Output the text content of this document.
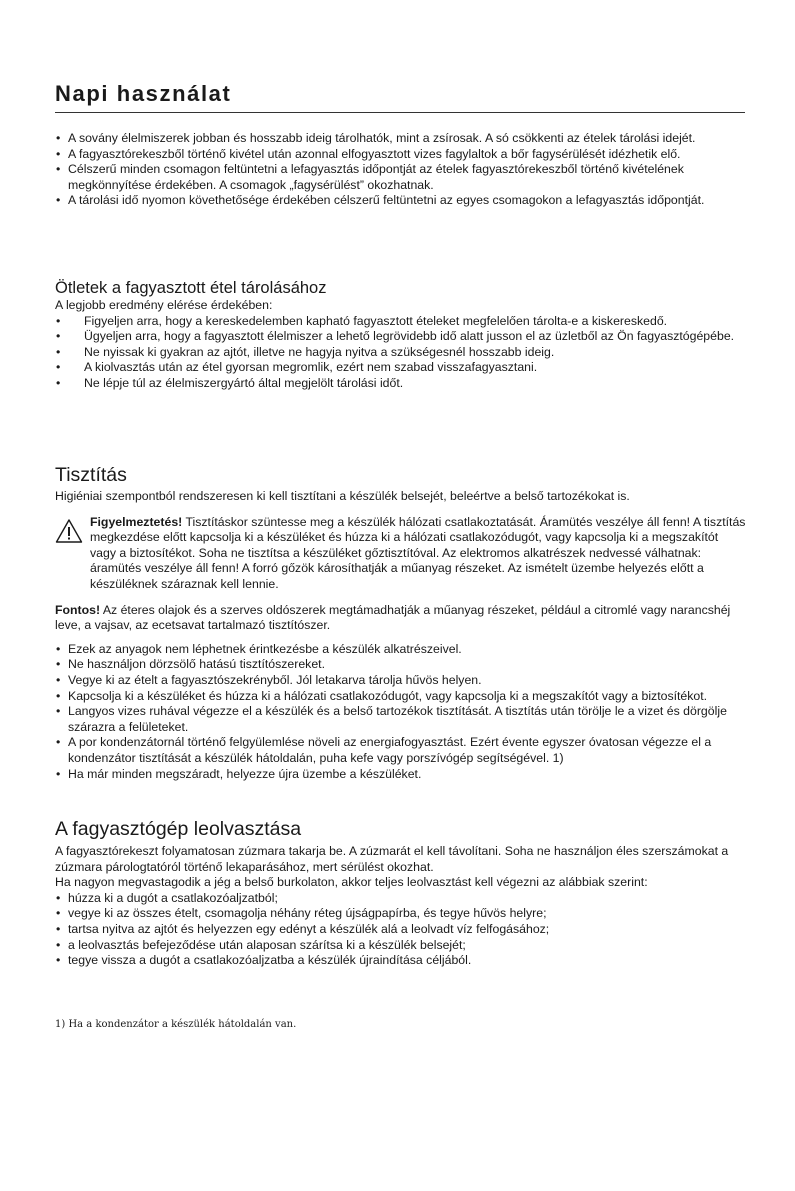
Napi használat
• A sovány élelmiszerek jobban és hosszabb ideig tárolhatók, mint a zsírosak. A só csökkenti az ételek tárolási idejét.
• A fagyasztórekeszből történő kivétel után azonnal elfogyasztott vizes fagylaltok a bőr fagysérülését idézhetik elő.
• Célszerű minden csomagon feltüntetni a lefagyasztás időpontját az ételek fagyasztórekeszből történő kivételének megkönnyítése érdekében. A csomagok „fagysérülést” okozhatnak.
• A tárolási idő nyomon követhetősége érdekében célszerű feltüntetni az egyes csomagokon a lefagyasztás időpontját.
Ötletek a fagyasztott étel tárolásához

A legjobb eredmény elérése érdekében:

• Figyeljen arra, hogy a kereskedelemben kapható fagyasztott ételeket megfelelően tárolta-e a kiskereskedő.
• Ügyeljen arra, hogy a fagyasztott élelmiszer a lehető legrövidebb idő alatt jusson el az üzletből az Ön fagyasztógépébe.
• Ne nyissak ki gyakran az ajtót, illetve ne hagyja nyitva a szükségesnél hosszabb ideig.
• A kiolvasztás után az étel gyorsan megromlik, ezért nem szabad visszafagyasztani.
• Ne lépje túl az élelmiszergyártó által megjelölt tárolási időt.
Tisztítás

Higiéniai szempontból rendszeresen ki kell tisztítani a készülék belsejét, beleértve a belső tartozékokat is.

Figyelmeztetés! Tisztításkor szüntesse meg a készülék hálózati csatlakoztatását. Áramütés veszélye áll fenn! A tisztítás megkezdése előtt kapcsolja ki a készüléket és húzza ki a hálózati csatlakozódugót, vagy kapcsolja ki a megszakítót vagy a biztosítékot. Soha ne tisztítsa a készüléket gőztisztítóval. Az elektromos alkatrészek nedvessé válhatnak: áramütés veszélye áll fenn! A forró gőzök károsíthatják a műanyag részeket. Az ismételt üzembe helyezés előtt a készüléknek száraznak kell lennie.

Fontos! Az éteres olajok és a szerves oldószerek megtámadhatják a műanyag részeket, például a citromlé vagy narancshéj leve, a vajsav, az ecetsavat tartalmazó tisztítószer.

• Ezek az anyagok nem léphetnek érintkezésbe a készülék alkatrészeivel.
• Ne használjon dörzsölő hatású tisztítószereket.
• Vegye ki az ételt a fagyasztószekrényből. Jól letakarva tárolja hűvös helyen.
• Kapcsolja ki a készüléket és húzza ki a hálózati csatlakozódugót, vagy kapcsolja ki a megszakítót vagy a biztosítékot.
• Langyos vizes ruhával végezze el a készülék és a belső tartozékok tisztítását. A tisztítás után törölje le a vizet és dörgölje szárazra a felületeket.
• A por kondenzátornál történő felgyülemlése növeli az energiafogyasztást. Ezért évente egyszer óvatosan végezze el a kondenzátor tisztítását a készülék hátoldalán, puha kefe vagy porszívógép segítségével. 1)
• Ha már minden megszáradt, helyezze újra üzembe a készüléket.
A fagyasztógép leolvasztása

A fagyasztórekeszt folyamatosan zúzmara takarja be. A zúzmarát el kell távolítani. Soha ne használjon éles szerszámokat a zúzmara párologtatóról történő lekaparásához, mert sérülést okozhat.

Ha nagyon megvastagodik a jég a belső burkolaton, akkor teljes leolvasztást kell végezni az alábbiak szerint:

• húzza ki a dugót a csatlakozóaljzatból;
• vegye ki az összes ételt, csomagolja néhány réteg újságpapírba, és tegye hűvös helyre;
• tartsa nyitva az ajtót és helyezzen egy edényt a készülék alá a leolvadt víz felfogásához;
• a leolvasztás befejeződése után alaposan szárítsa ki a készülék belsejét;
• tegye vissza a dugót a csatlakozóaljzatba a készülék újraindítása céljából.
1) Ha a kondenzátor a készülék hátoldalán van.
